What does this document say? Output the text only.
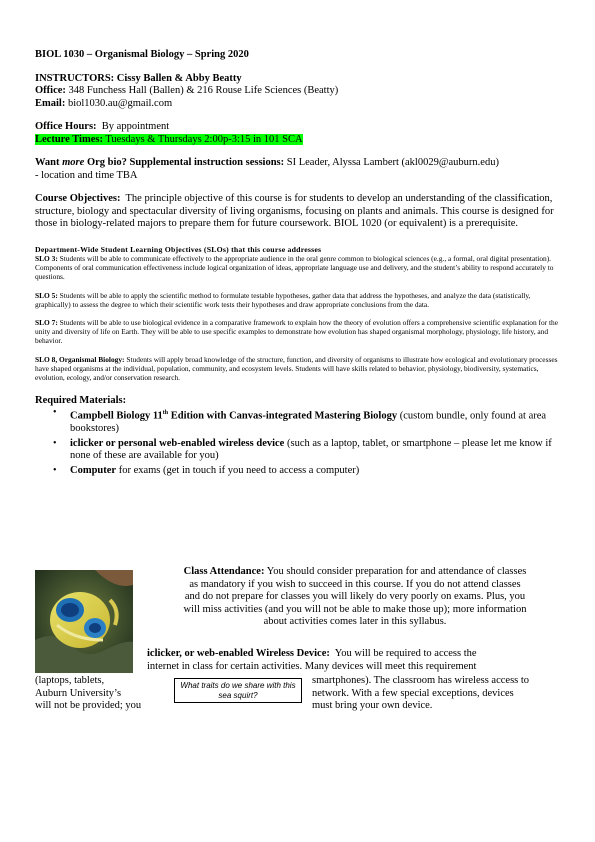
BIOL 1030 – Organismal Biology – Spring 2020

INSTRUCTORS: Cissy Ballen & Abby Beatty

Office: 348 Funchess Hall (Ballen) & 216 Rouse Life Sciences (Beatty)

Email: biol1030.au@gmail.com

Office Hours: By appointment

Lecture Times: Tuesdays & Thursdays 2:00p-3:15 in 101 SCA

Want more Org bio? Supplemental instruction sessions: SI Leader, Alyssa Lambert (akl0029@auburn.edu)

- location and time TBA

Course Objectives: The principle objective of this course is for students to develop an understanding of the classification, structure, biology and spectacular diversity of living organisms, focusing on plants and animals. This course is designed for those in biology-related majors to prepare them for future coursework. BIOL 1020 (or equivalent) is a prerequisite.

Department-Wide Student Learning Objectives (SLOs) that this course addresses

SLO 3: Students will be able to communicate effectively to the appropriate audience in the oral genre common to biological sciences (e.g., a formal, oral digital presentation). Components of oral communication effectiveness include logical organization of ideas, appropriate language use and delivery, and the student’s ability to respond accurately to questions.

SLO 5: Students will be able to apply the scientific method to formulate testable hypotheses, gather data that address the hypotheses, and analyze the data (statistically, graphically) to assess the degree to which their scientific work tests their hypotheses and draw appropriate conclusions from the data.

SLO 7: Students will be able to use biological evidence in a comparative framework to explain how the theory of evolution offers a comprehensive scientific explanation for the unity and diversity of life on Earth. They will be able to use specific examples to demonstrate how evolution has shaped organismal morphology, physiology, life history, and behavior.

SLO 8, Organismal Biology: Students will apply broad knowledge of the structure, function, and diversity of organisms to illustrate how ecological and evolutionary processes have shaped organisms at the individual, population, community, and ecosystem levels. Students will have skills related to behavior, physiology, biodiversity, systematics, evolution, ecology, and/or conservation research.

Required Materials:

• Campbell Biology 11th Edition with Canvas-integrated Mastering Biology (custom bundle, only found at area bookstores)
• iclicker or personal web-enabled wireless device (such as a laptop, tablet, or smartphone – please let me know if none of these are available for you)
• Computer for exams (get in touch if you need to access a computer)

Class Attendance: You should consider preparation for and attendance of classes

as mandatory if you wish to succeed in this course. If you do not attend classes

and do not prepare for classes you will likely do very poorly on exams. Plus, you

will miss activities (and you will not be able to make those up); more information

about activities comes later in this syllabus.

iclicker, or web-enabled Wireless Device: You will be required to access the

internet in class for certain activities. Many devices will meet this requirement

(laptops, tablets,

Auburn University’s

will not be provided; you

smartphones). The classroom has wireless access to

network. With a few special exceptions, devices

must bring your own device.

What traits do we share with this sea squirt?
